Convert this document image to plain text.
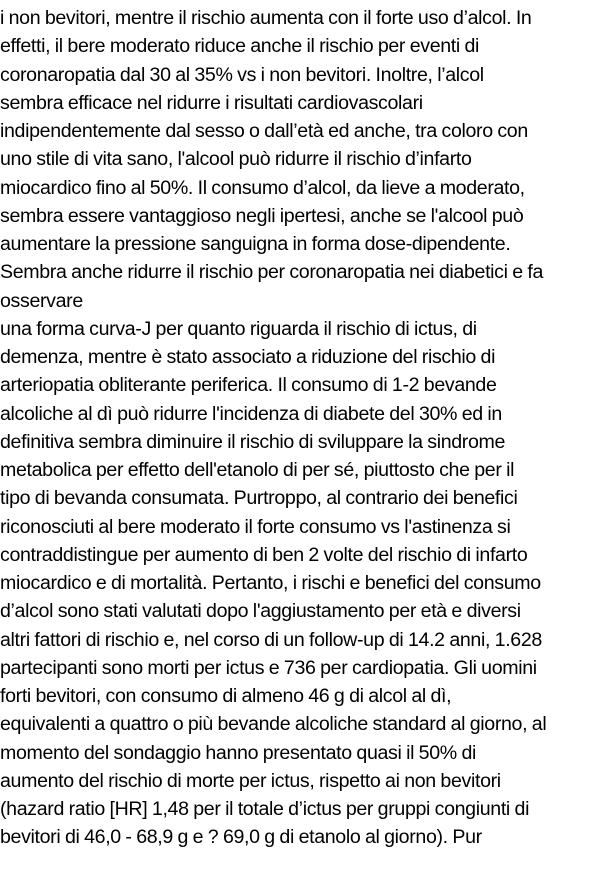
i non bevitori, mentre il rischio aumenta con il forte uso d’alcol. In
effetti, il bere moderato riduce anche il rischio per eventi di
coronaropatia dal 30 al 35% vs i non bevitori. Inoltre, l’alcol
sembra efficace nel ridurre i risultati cardiovascolari
indipendentemente dal sesso o dall’età ed anche, tra coloro con
uno stile di vita sano, l'alcool può ridurre il rischio d’infarto
miocardico fino al 50%. Il consumo d’alcol, da lieve a moderato,
sembra essere vantaggioso negli ipertesi, anche se l'alcool può
aumentare la pressione sanguigna in forma dose-dipendente.
Sembra anche ridurre il rischio per coronaropatia nei diabetici e fa
osservare
una forma curva-J per quanto riguarda il rischio di ictus, di
demenza, mentre è stato associato a riduzione del rischio di
arteriopatia obliterante periferica. Il consumo di 1-2 bevande
alcoliche al dì può ridurre l'incidenza di diabete del 30% ed in
definitiva sembra diminuire il rischio di sviluppare la sindrome
metabolica per effetto dell'etanolo di per sé, piuttosto che per il
tipo di bevanda consumata. Purtroppo, al contrario dei benefici
riconosciuti al bere moderato il forte consumo vs l'astinenza si
contraddistingue per aumento di ben 2 volte del rischio di infarto
miocardico e di mortalità. Pertanto, i rischi e benefici del consumo
d’alcol sono stati valutati dopo l'aggiustamento per età e diversi
altri fattori di rischio e, nel corso di un follow-up di 14.2 anni, 1.628
partecipanti sono morti per ictus e 736 per cardiopatia. Gli uomini
forti bevitori, con consumo di almeno 46 g di alcol al dì,
equivalenti a quattro o più bevande alcoliche standard al giorno, al
momento del sondaggio hanno presentato quasi il 50% di
aumento del rischio di morte per ictus, rispetto ai non bevitori
(hazard ratio [HR] 1,48 per il totale d’ictus per gruppi congiunti di
bevitori di 46,0 - 68,9 g e ? 69,0 g di etanolo al giorno). Pur
